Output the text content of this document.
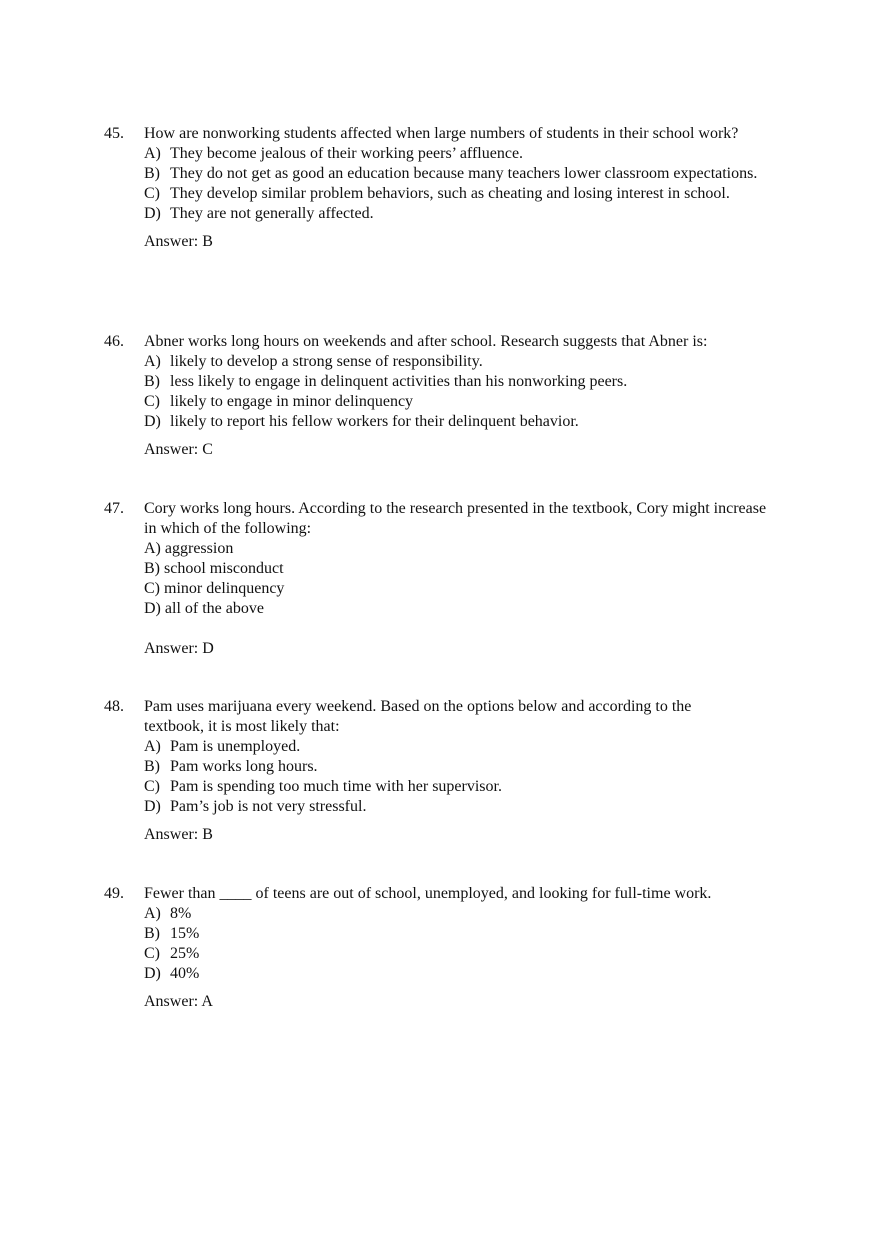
45. How are nonworking students affected when large numbers of students in their school work?
A) They become jealous of their working peers’ affluence.
B) They do not get as good an education because many teachers lower classroom expectations.
C) They develop similar problem behaviors, such as cheating and losing interest in school.
D) They are not generally affected.
Answer: B
46. Abner works long hours on weekends and after school. Research suggests that Abner is:
A) likely to develop a strong sense of responsibility.
B) less likely to engage in delinquent activities than his nonworking peers.
C) likely to engage in minor delinquency
D) likely to report his fellow workers for their delinquent behavior.
Answer: C
47. Cory works long hours. According to the research presented in the textbook, Cory might increase in which of the following:
A) aggression
B) school misconduct
C) minor delinquency
D) all of the above
Answer: D
48. Pam uses marijuana every weekend. Based on the options below and according to the textbook, it is most likely that:
A) Pam is unemployed.
B) Pam works long hours.
C) Pam is spending too much time with her supervisor.
D) Pam’s job is not very stressful.
Answer: B
49. Fewer than ____ of teens are out of school, unemployed, and looking for full-time work.
A) 8%
B) 15%
C) 25%
D) 40%
Answer: A
